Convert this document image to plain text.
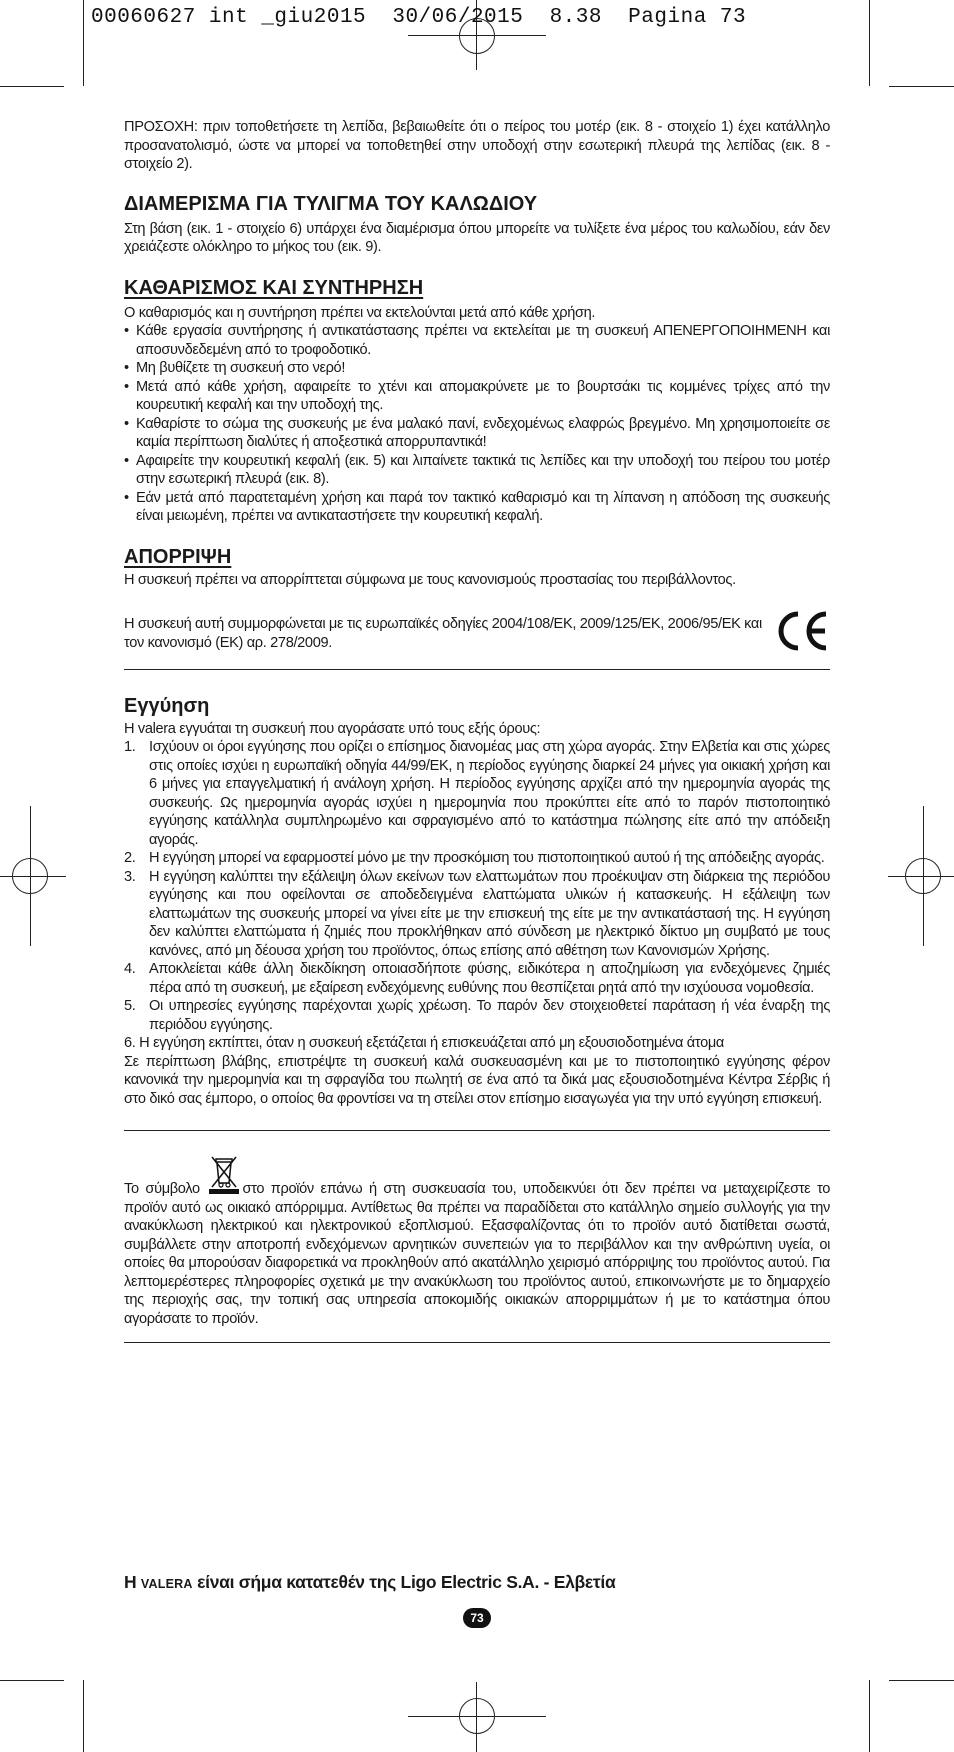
00060627 int _giu2015  30/06/2015  8.38  Pagina 73

ΠΡΟΣΟΧΗ: πριν τοποθετήσετε τη λεπίδα, βεβαιωθείτε ότι ο πείρος του μοτέρ (εικ. 8 - στοιχείο 1) έχει κατάλληλο προσανατολισμό, ώστε να μπορεί να τοποθετηθεί στην υποδοχή στην εσωτερική πλευρά της λεπίδας (εικ. 8 - στοιχείο 2).

ΔΙΑΜΕΡΙΣΜΑ ΓΙΑ ΤΥΛΙΓΜΑ ΤΟΥ ΚΑΛΩΔΙΟΥ

Στη βάση (εικ. 1 - στοιχείο 6) υπάρχει ένα διαμέρισμα όπου μπορείτε να τυλίξετε ένα μέρος του καλωδίου, εάν δεν χρειάζεστε ολόκληρο το μήκος του (εικ. 9).

ΚΑΘΑΡΙΣΜΟΣ ΚΑΙ ΣΥΝΤΗΡΗΣΗ

Ο καθαρισμός και η συντήρηση πρέπει να εκτελούνται μετά από κάθε χρήση.

• Κάθε εργασία συντήρησης ή αντικατάστασης πρέπει να εκτελείται με τη συσκευή ΑΠΕΝΕΡΓΟΠΟΙΗΜΕΝΗ και αποσυνδεδεμένη από το τροφοδοτικό.
• Μη βυθίζετε τη συσκευή στο νερό!
• Μετά από κάθε χρήση, αφαιρείτε το χτένι και απομακρύνετε με το βουρτσάκι τις κομμένες τρίχες από την κουρευτική κεφαλή και την υποδοχή της.
• Καθαρίστε το σώμα της συσκευής με ένα μαλακό πανί, ενδεχομένως ελαφρώς βρεγμένο. Μη χρησιμοποιείτε σε καμία περίπτωση διαλύτες ή αποξεστικά απορρυπαντικά!
• Αφαιρείτε την κουρευτική κεφαλή (εικ. 5) και λιπαίνετε τακτικά τις λεπίδες και την υποδοχή του πείρου του μοτέρ στην εσωτερική πλευρά (εικ. 8).
• Εάν μετά από παρατεταμένη χρήση και παρά τον τακτικό καθαρισμό και τη λίπανση η απόδοση της συσκευής είναι μειωμένη, πρέπει να αντικαταστήσετε την κουρευτική κεφαλή.
ΑΠΟΡΡΙΨΗ

Η συσκευή πρέπει να απορρίπτεται σύμφωνα με τους κανονισμούς προστασίας του περιβάλλοντος.

Η συσκευή αυτή συμμορφώνεται με τις ευρωπαϊκές οδηγίες 2004/108/ΕΚ, 2009/125/ΕΚ, 2006/95/ΕΚ και τον κανονισμό (ΕΚ) αρ. 278/2009.

Εγγύηση

Η valera εγγυάται τη συσκευή που αγοράσατε υπό τους εξής όρους:

1. Ισχύουν οι όροι εγγύησης που ορίζει ο επίσημος διανομέας μας στη χώρα αγοράς. Στην Ελβετία και στις χώρες στις οποίες ισχύει η ευρωπαϊκή οδηγία 44/99/ΕΚ, η περίοδος εγγύησης διαρκεί 24 μήνες για οικιακή χρήση και 6 μήνες για επαγγελματική ή ανάλογη χρήση. Η περίοδος εγγύησης αρχίζει από την ημερομηνία αγοράς της συσκευής. Ως ημερομηνία αγοράς ισχύει η ημερομηνία που προκύπτει είτε από το παρόν πιστοποιητικό εγγύησης κατάλληλα συμπληρωμένο και σφραγισμένο από το κατάστημα πώλησης είτε από την απόδειξη αγοράς.
2. Η εγγύηση μπορεί να εφαρμοστεί μόνο με την προσκόμιση του πιστοποιητικού αυτού ή της απόδειξης αγοράς.
3. Η εγγύηση καλύπτει την εξάλειψη όλων εκείνων των ελαττωμάτων που προέκυψαν στη διάρκεια της περιόδου εγγύησης και που οφείλονται σε αποδεδειγμένα ελαττώματα υλικών ή κατασκευής. Η εξάλειψη των ελαττωμάτων της συσκευής μπορεί να γίνει είτε με την επισκευή της είτε με την αντικατάστασή της. Η εγγύηση δεν καλύπτει ελαττώματα ή ζημιές που προκλήθηκαν από σύνδεση με ηλεκτρικό δίκτυο μη συμβατό με τους κανόνες, από μη δέουσα χρήση του προϊόντος, όπως επίσης από αθέτηση των Κανονισμών Χρήσης.
4. Αποκλείεται κάθε άλλη διεκδίκηση οποιασδήποτε φύσης, ειδικότερα η αποζημίωση για ενδεχόμενες ζημιές πέρα από τη συσκευή, με εξαίρεση ενδεχόμενης ευθύνης που θεσπίζεται ρητά από την ισχύουσα νομοθεσία.
5. Οι υπηρεσίες εγγύησης παρέχονται χωρίς χρέωση. Το παρόν δεν στοιχειοθετεί παράταση ή νέα έναρξη της περιόδου εγγύησης.

6. Η εγγύηση εκπίπτει, όταν η συσκευή εξετάζεται ή επισκευάζεται από μη εξουσιοδοτημένα άτομα

Σε περίπτωση βλάβης, επιστρέψτε τη συσκευή καλά συσκευασμένη και με το πιστοποιητικό εγγύησης φέρον κανονικά την ημερομηνία και τη σφραγίδα του πωλητή σε ένα από τα δικά μας εξουσιοδοτημένα Κέντρα Σέρβις ή στο δικό σας έμπορο, ο οποίος θα φροντίσει να τη στείλει στον επίσημο εισαγωγέα για την υπό εγγύηση επισκευή.

Το σύμβολο	στο προϊόν επάνω ή στη συσκευασία του, υποδεικνύει ότι δεν πρέπει να μεταχειρίζεστε το προϊόν αυτό ως οικιακό απόρριμμα. Αντίθετως θα πρέπει να παραδίδεται στο κατάλληλο σημείο συλλογής για την ανακύκλωση ηλεκτρικού και ηλεκτρονικού εξοπλισμού. Εξασφαλίζοντας ότι το προϊόν αυτό διατίθεται σωστά, συμβάλλετε στην αποτροπή ενδεχόμενων αρνητικών συνεπειών για το περιβάλλον και την ανθρώπινη υγεία, οι οποίες θα μπορούσαν διαφορετικά να προκληθούν από ακατάλληλο χειρισμό απόρριψης του προϊόντος αυτού. Για λεπτομερέστερες πληροφορίες σχετικά με την ανακύκλωση του προϊόντος αυτού, επικοινωνήστε με το δημαρχείο της περιοχής σας, την τοπική σας υπηρεσία αποκομιδής οικιακών απορριμμάτων ή με το κατάστημα όπου αγοράσατε το προϊόν.

Η VALERA είναι σήμα κατατεθέν της Ligo Electric S.A. - Ελβετία
73
